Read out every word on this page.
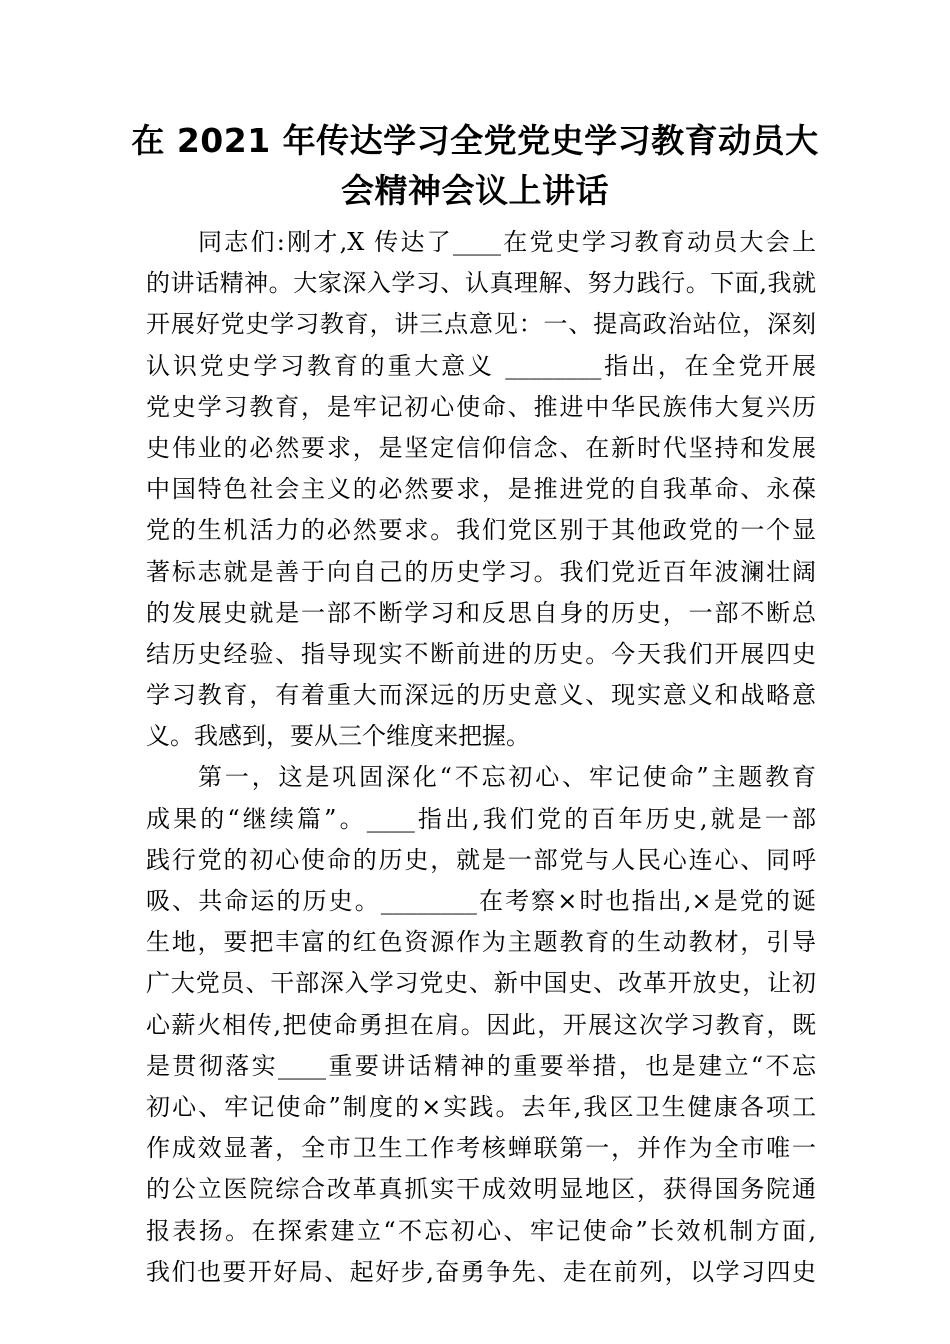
在 2021 年传达学习全党党史学习教育动员大
会精神会议上讲话
同志们:刚才,X 传达了____在党史学习教育动员大会上
的讲话精神。大家深入学习、认真理解、努力践行。下面,我就
开展好党史学习教育，讲三点意见：一、提高政治站位，深刻
认识党史学习教育的重大意义 ________指出，在全党开展
党史学习教育，是牢记初心使命、推进中华民族伟大复兴历
史伟业的必然要求，是坚定信仰信念、在新时代坚持和发展
中国特色社会主义的必然要求，是推进党的自我革命、永葆
党的生机活力的必然要求。我们党区别于其他政党的一个显
著标志就是善于向自己的历史学习。我们党近百年波澜壮阔
的发展史就是一部不断学习和反思自身的历史，一部不断总
结历史经验、指导现实不断前进的历史。今天我们开展四史
学习教育，有着重大而深远的历史意义、现实意义和战略意
义。我感到，要从三个维度来把握。
第一，这是巩固深化“不忘初心、牢记使命”主题教育
成果的“继续篇”。____指出,我们党的百年历史,就是一部
践行党的初心使命的历史，就是一部党与人民心连心、同呼
吸、共命运的历史。________在考察×时也指出,×是党的诞
生地，要把丰富的红色资源作为主题教育的生动教材，引导
广大党员、干部深入学习党史、新中国史、改革开放史，让初
心薪火相传,把使命勇担在肩。因此，开展这次学习教育，既
是贯彻落实____重要讲话精神的重要举措，也是建立“不忘
初心、牢记使命”制度的×实践。去年,我区卫生健康各项工
作成效显著，全市卫生工作考核蝉联第一，并作为全市唯一
的公立医院综合改革真抓实干成效明显地区，获得国务院通
报表扬。在探索建立“不忘初心、牢记使命”长效机制方面,
我们也要开好局、起好步,奋勇争先、走在前列，以学习四史
